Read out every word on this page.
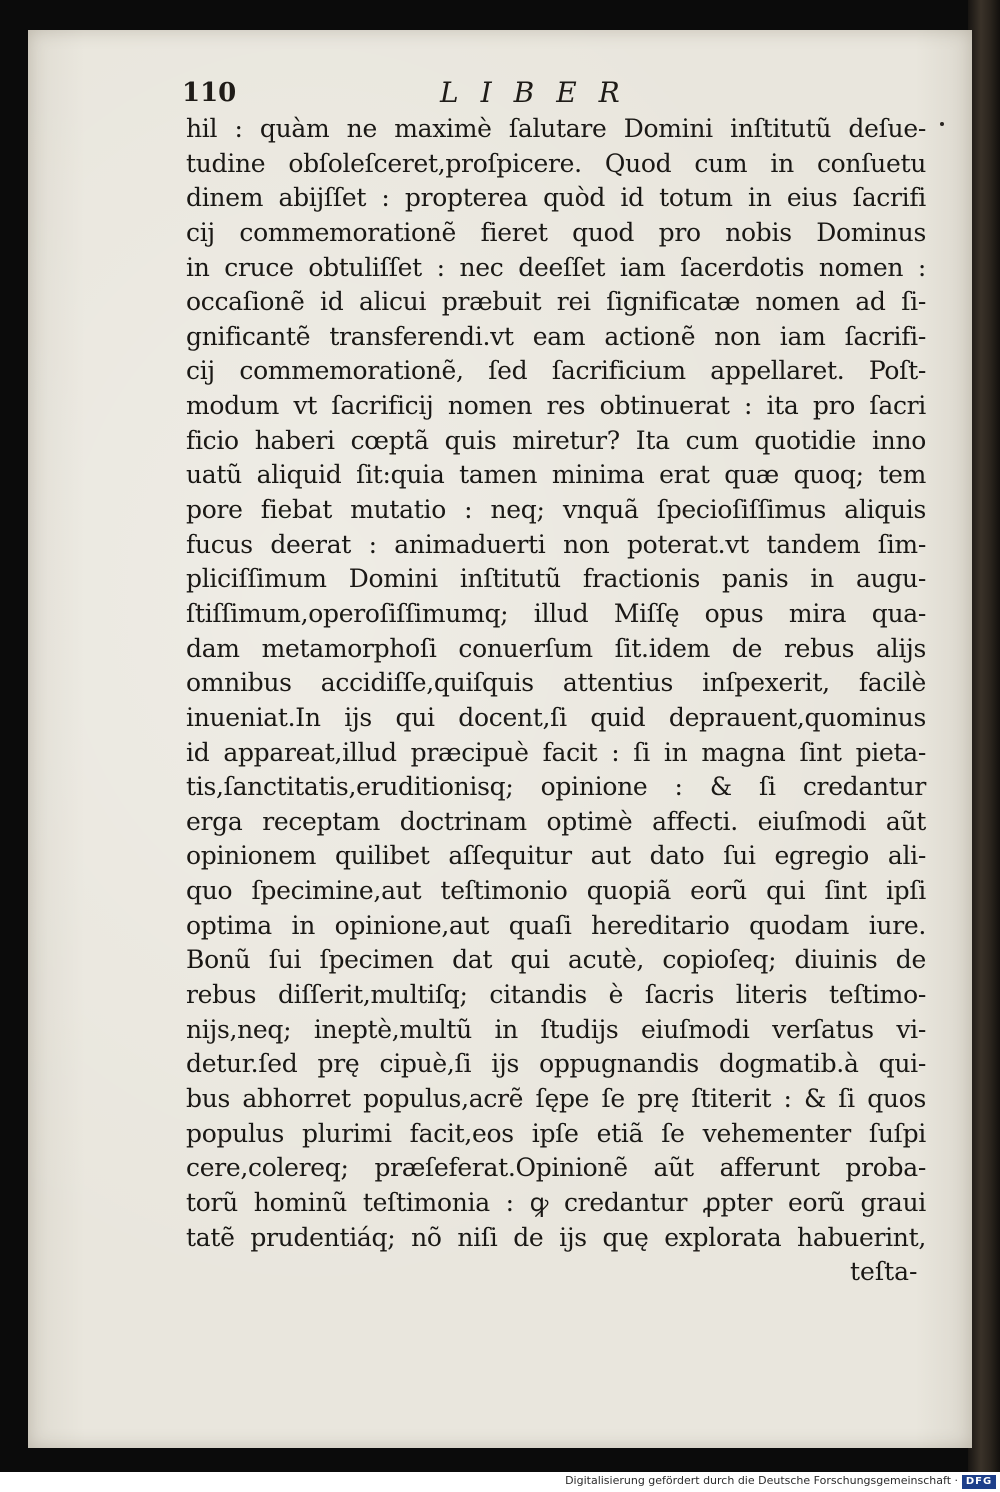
110	LIBER
hil : quàm ne maximè ſalutare Domini inſtitutũ deſue-
tudine obſoleſceret,proſpicere. Quod cum in conſuetu
dinem abijſſet : propterea quòd id totum in eius ſacrifi
cij commemorationẽ fieret quod pro nobis Dominus
in cruce obtuliſſet : nec deeſſet iam ſacerdotis nomen :
occaſionẽ id alicui præbuit rei ſignificatæ nomen ad ſi-
gnificantẽ transferendi.vt eam actionẽ non iam ſacrifi-
cij commemorationẽ, ſed ſacrificium appellaret. Poſt-
modum vt ſacrificij nomen res obtinuerat : ita pro ſacri
ficio haberi cœptã quis miretur? Ita cum quotidie inno
uatũ aliquid ſit:quia tamen minima erat quæ quoq; tem
pore fiebat mutatio : neq; vnquã ſpecioſiſſimus aliquis
fucus deerat : animaduerti non poterat.vt tandem ſim-
pliciſſimum Domini inſtitutũ fractionis panis in augu-
ſtiſſimum,operoſiſſimumq; illud Miſſę opus mira qua-
dam metamorphoſi conuerſum ſit.idem de rebus alijs
omnibus accidiſſe,quiſquis attentius inſpexerit, facilè
inueniat.In ijs qui docent,ſi quid deprauent,quominus
id appareat,illud præcipuè facit : ſi in magna ſint pieta-
tis,ſanctitatis,eruditionisq; opinione : & ſi credantur
erga receptam doctrinam optimè affecti. eiuſmodi aũt
opinionem quilibet aſſequitur aut dato ſui egregio ali-
quo ſpecimine,aut teſtimonio quopiã eorũ qui ſint ipſi
optima in opinione,aut quaſi hereditario quodam iure.
Bonũ ſui ſpecimen dat qui acutè, copioſeq; diuinis de
rebus diſſerit,multiſq; citandis è ſacris literis teſtimo-
nijs,neq; ineptè,multũ in ſtudijs eiuſmodi verſatus vi-
detur.ſed prę cipuè,ſi ijs oppugnandis dogmatib.à qui-
bus abhorret populus,acrẽ ſępe ſe prę ſtiterit : & ſi quos
populus plurimi facit,eos ipſe etiã ſe vehementer ſuſpi
cere,colereq; præſeferat.Opinionẽ aũt afferunt proba-
torũ hominũ teſtimonia : ꝙ credantur ꝓpter eorũ graui
tatẽ prudentiáq; nõ niſi de ijs quę explorata habuerint,
teſta-
Digitalisierung gefördert durch die Deutsche Forschungsgemeinschaft · DFG
